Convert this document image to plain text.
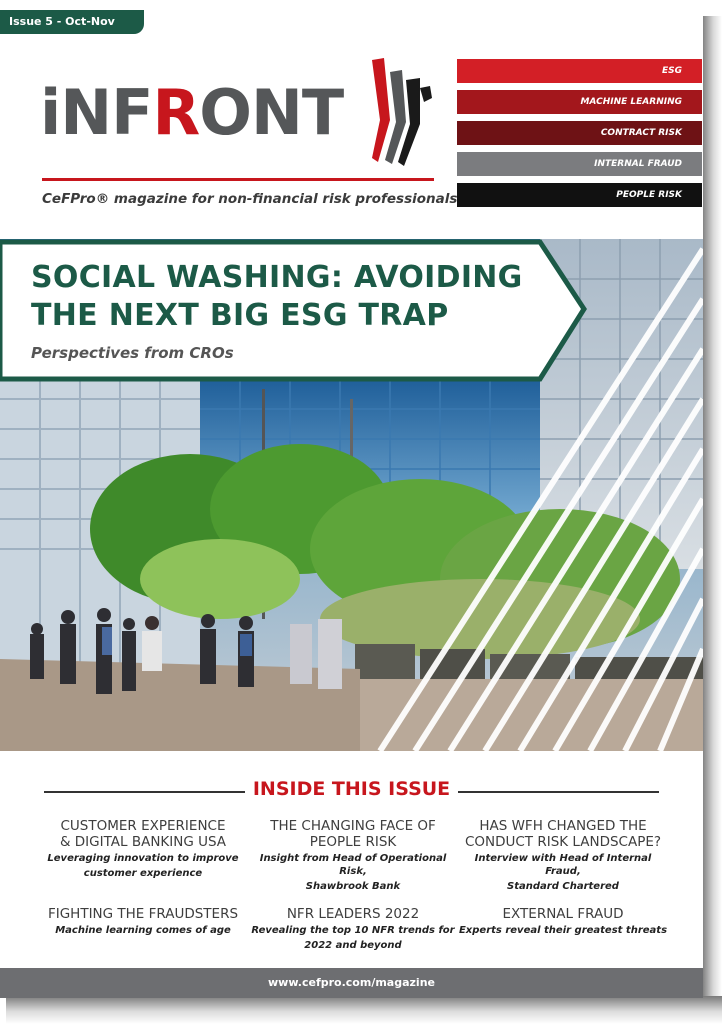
Issue 5 - Oct-Nov 2022
iNFRONT
CeFPro® magazine for non-financial risk professionals
ESG
MACHINE LEARNING
CONTRACT RISK
INTERNAL FRAUD
PEOPLE RISK
SOCIAL WASHING: AVOIDING
THE NEXT BIG ESG TRAP
Perspectives from CROs
INSIDE THIS ISSUE
CUSTOMER EXPERIENCE
& DIGITAL BANKING USA
Leveraging innovation to improve
customer experience
THE CHANGING FACE OF
PEOPLE RISK
Insight from Head of Operational Risk,
Shawbrook Bank
HAS WFH CHANGED THE
CONDUCT RISK LANDSCAPE?
Interview with Head of Internal Fraud,
Standard Chartered
FIGHTING THE FRAUDSTERS
Machine learning comes of age
NFR LEADERS 2022
Revealing the top 10 NFR trends for
2022 and beyond
EXTERNAL FRAUD
Experts reveal their greatest threats
www.cefpro.com/magazine
